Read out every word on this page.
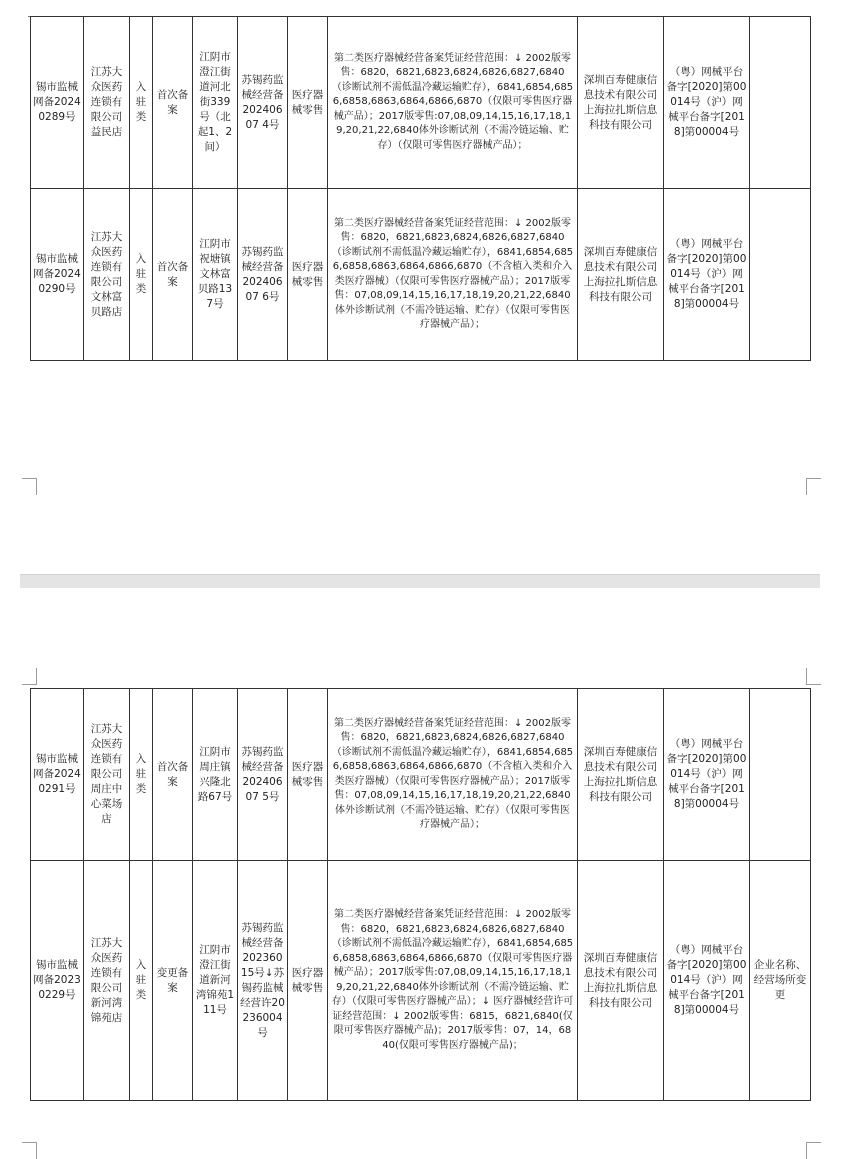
锡市监械网备20240289号	江苏大众医药连锁有限公司益民店	入驻类	首次备案	江阴市澄江街道河北街339号（北起1、2间）	苏锡药监械经营备20240607 4号	医疗器械零售	第二类医疗器械经营备案凭证经营范围：↓ 2002版零售：6820，6821,6823,6824,6826,6827,6840（诊断试剂不需低温冷藏运输贮存），6841,6854,6856,6858,6863,6864,6866,6870（仅限可零售医疗器械产品）；2017版零售:07,08,09,14,15,16,17,18,19,20,21,22,6840体外诊断试剂（不需冷链运输、贮存）（仅限可零售医疗器械产品）；	深圳百寿健康信息技术有限公司 上海拉扎斯信息科技有限公司	（粤）网械平台备字[2020]第00014号（沪）网械平台备字[2018]第00004号	
锡市监械网备20240290号	江苏大众医药连锁有限公司文林富贝路店	入驻类	首次备案	江阴市祝塘镇文林富贝路137号	苏锡药监械经营备20240607 6号	医疗器械零售	第二类医疗器械经营备案凭证经营范围：↓ 2002版零售：6820，6821,6823,6824,6826,6827,6840（诊断试剂不需低温冷藏运输贮存），6841,6854,6856,6858,6863,6864,6866,6870（不含植入类和介入类医疗器械）（仅限可零售医疗器械产品）；2017版零售：07,08,09,14,15,16,17,18,19,20,21,22,6840体外诊断试剂（不需冷链运输、贮存）（仅限可零售医疗器械产品）；	深圳百寿健康信息技术有限公司 上海拉扎斯信息科技有限公司	（粤）网械平台备字[2020]第00014号（沪）网械平台备字[2018]第00004号	
锡市监械网备20240291号	江苏大众医药连锁有限公司周庄中心菜场店	入驻类	首次备案	江阴市周庄镇兴隆北路67号	苏锡药监械经营备20240607 5号	医疗器械零售	第二类医疗器械经营备案凭证经营范围：↓ 2002版零售：6820，6821,6823,6824,6826,6827,6840（诊断试剂不需低温冷藏运输贮存），6841,6854,6856,6858,6863,6864,6866,6870（不含植入类和介入类医疗器械）（仅限可零售医疗器械产品）；2017版零售：07,08,09,14,15,16,17,18,19,20,21,22,6840体外诊断试剂（不需冷链运输、贮存）（仅限可零售医疗器械产品）；	深圳百寿健康信息技术有限公司 上海拉扎斯信息科技有限公司	（粤）网械平台备字[2020]第00014号（沪）网械平台备字[2018]第00004号	
锡市监械网备20230229号	江苏大众医药连锁有限公司新河湾锦苑店	入驻类	变更备案	江阴市澄江街道新河湾锦苑111号	苏锡药监械经营备20236015号↓苏锡药监械经营许20236004号	医疗器械零售	第二类医疗器械经营备案凭证经营范围：↓ 2002版零售：6820，6821,6823,6824,6826,6827,6840（诊断试剂不需低温冷藏运输贮存），6841,6854,6856,6858,6863,6864,6866,6870（仅限可零售医疗器械产品）；2017版零售:07,08,09,14,15,16,17,18,19,20,21,22,6840体外诊断试剂（不需冷链运输、贮存）（仅限可零售医疗器械产品）；↓ 医疗器械经营许可证经营范围：↓ 2002版零售：6815，6821,6840(仅限可零售医疗器械产品)；2017版零售：07，14，6840(仅限可零售医疗器械产品)；	深圳百寿健康信息技术有限公司 上海拉扎斯信息科技有限公司	（粤）网械平台备字[2020]第00014号（沪）网械平台备字[2018]第00004号	企业名称、经营场所变更
